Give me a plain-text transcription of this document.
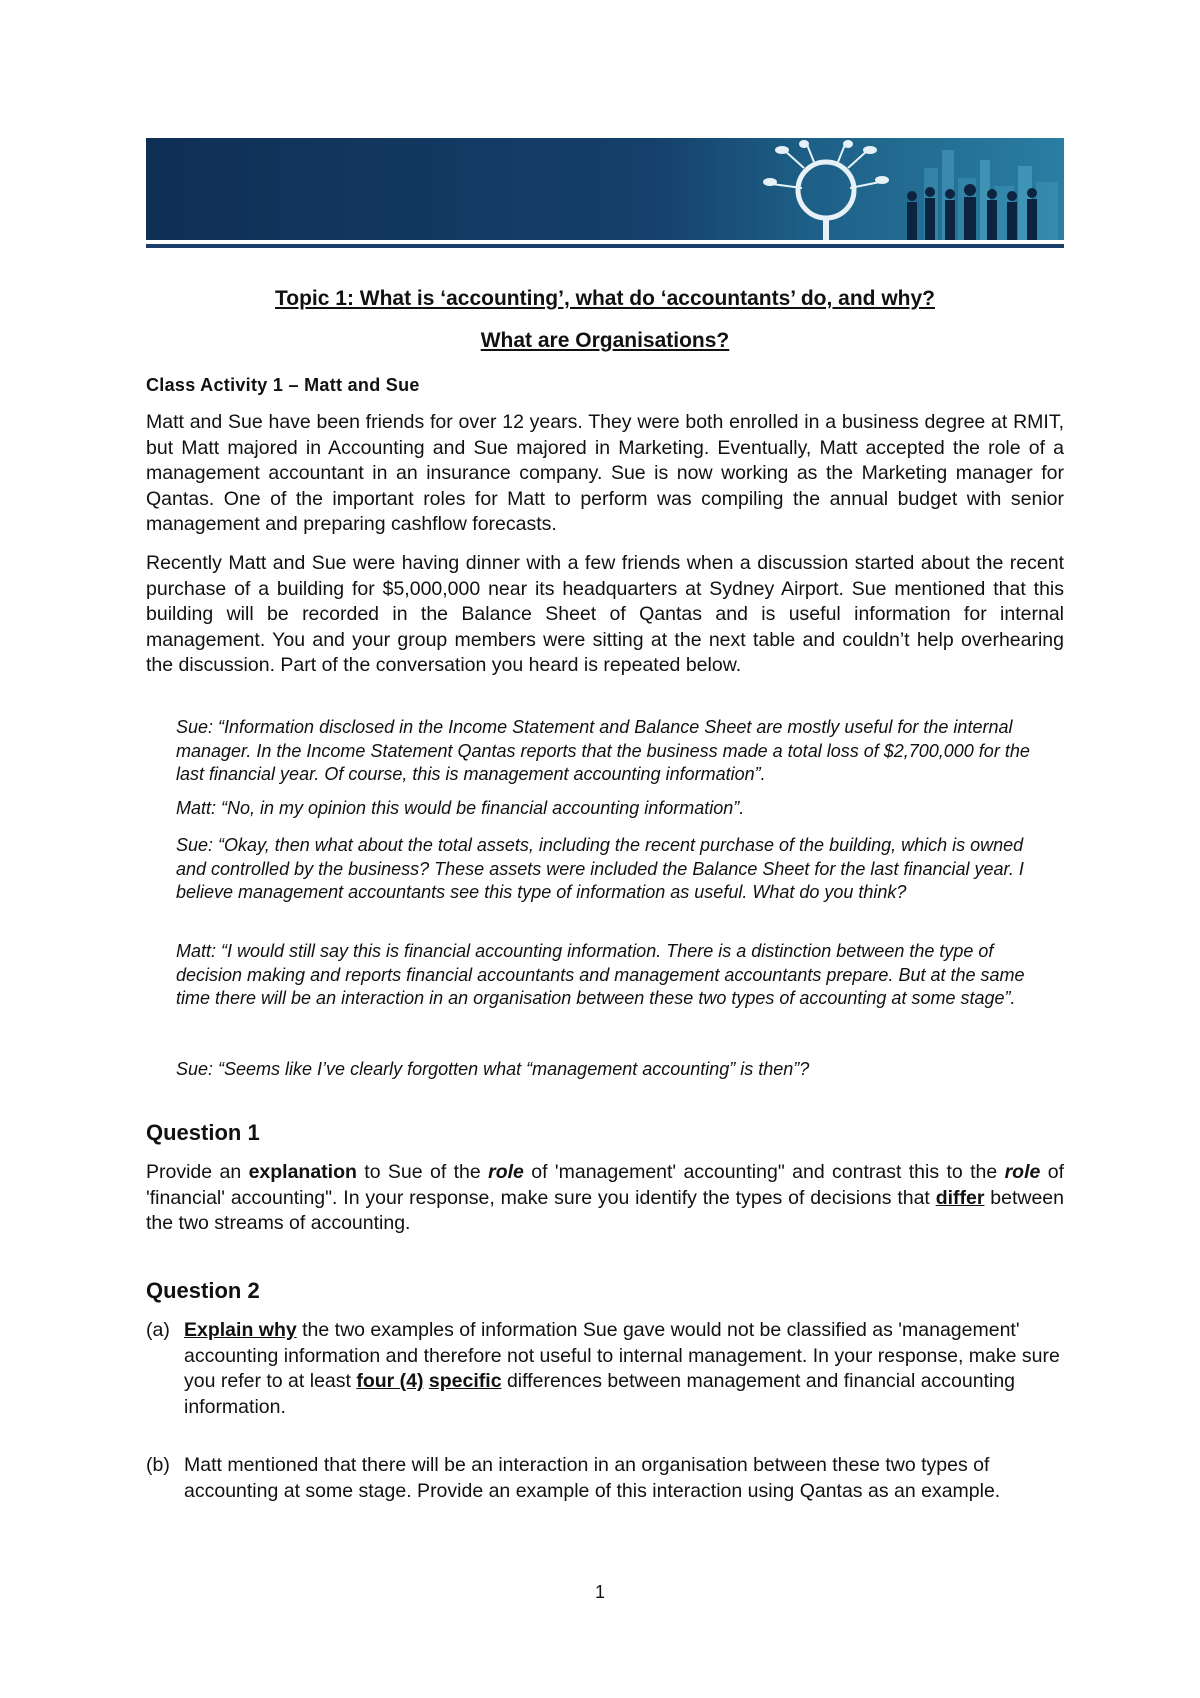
Topic 1: What is ‘accounting’, what do ‘accountants’ do, and why?
What are Organisations?
Class Activity 1 – Matt and Sue
Matt and Sue have been friends for over 12 years. They were both enrolled in a business degree at RMIT, but Matt majored in Accounting and Sue majored in Marketing. Eventually, Matt accepted the role of a management accountant in an insurance company. Sue is now working as the Marketing manager for Qantas. One of the important roles for Matt to perform was compiling the annual budget with senior management and preparing cashflow forecasts.
Recently Matt and Sue were having dinner with a few friends when a discussion started about the recent purchase of a building for $5,000,000 near its headquarters at Sydney Airport. Sue mentioned that this building will be recorded in the Balance Sheet of Qantas and is useful information for internal management. You and your group members were sitting at the next table and couldn’t help overhearing the discussion. Part of the conversation you heard is repeated below.
Sue: “Information disclosed in the Income Statement and Balance Sheet are mostly useful for the internal manager. In the Income Statement Qantas reports that the business made a total loss of $2,700,000 for the last financial year. Of course, this is management accounting information”.
Matt: “No, in my opinion this would be financial accounting information”.
Sue: “Okay, then what about the total assets, including the recent purchase of the building, which is owned and controlled by the business? These assets were included the Balance Sheet for the last financial year. I believe management accountants see this type of information as useful. What do you think?
Matt: “I would still say this is financial accounting information. There is a distinction between the type of decision making and reports financial accountants and management accountants prepare. But at the same time there will be an interaction in an organisation between these two types of accounting at some stage”.
Sue: “Seems like I’ve clearly forgotten what “management accounting” is then”?
Question 1
Provide an explanation to Sue of the role of 'management' accounting" and contrast this to the role of 'financial' accounting". In your response, make sure you identify the types of decisions that differ between the two streams of accounting.
Question 2
(a) Explain why the two examples of information Sue gave would not be classified as 'management' accounting information and therefore not useful to internal management. In your response, make sure you refer to at least four (4) specific differences between management and financial accounting information.
(b) Matt mentioned that there will be an interaction in an organisation between these two types of accounting at some stage. Provide an example of this interaction using Qantas as an example.
1
